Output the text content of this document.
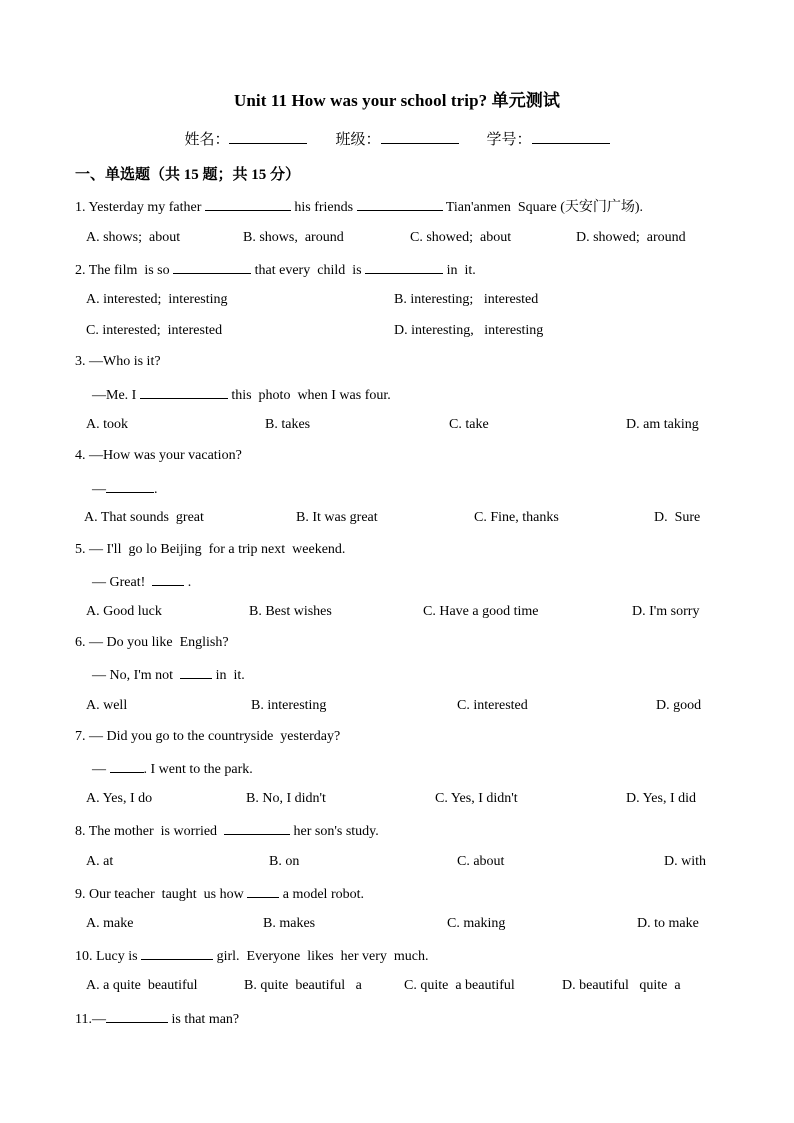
Unit 11 How was your school trip? 单元测试
姓名：	班级：	学号：
一、单选题（共 15 题；共 15 分）
1. Yesterday my father	his friends	Tian'anmen  Square (天安门广场).
A. shows;  about	B. shows,  around	C. showed;  about	D. showed;  around
2. The film  is so	that every  child  is	in  it.
A. interested;  interesting	B. interesting;   interested
C. interested;  interested	D. interesting,   interesting
3. —Who is it?
—Me. I	this  photo  when I was four.
A. took	B. takes	C. take	D. am taking
4. —How was your vacation?
—	.
A. That sounds  great	B. It was great	C. Fine, thanks	D.  Sure
5. — I'll  go lo Beijing  for a trip next  weekend.
— Great!   .
A. Good luck	B. Best wishes	C. Have a good time	D. I'm sorry
6. — Do you like  English?
— No, I'm not   in  it.
A. well	B. interesting	C. interested	D. good
7. — Did you go to the countryside  yesterday?
— . I went to the park.
A. Yes, I do	B. No, I didn't	C. Yes, I didn't	D. Yes, I did
8. The mother  is worried	her son's study.
A. at	B. on	C. about	D. with
9. Our teacher  taught  us how  a model robot.
A. make	B. makes	C. making	D. to make
10. Lucy is	girl.  Everyone  likes  her very  much.
A. a quite  beautiful	B. quite  beautiful   a	C. quite  a beautiful	D. beautiful   quite  a
11.—	is that man?
